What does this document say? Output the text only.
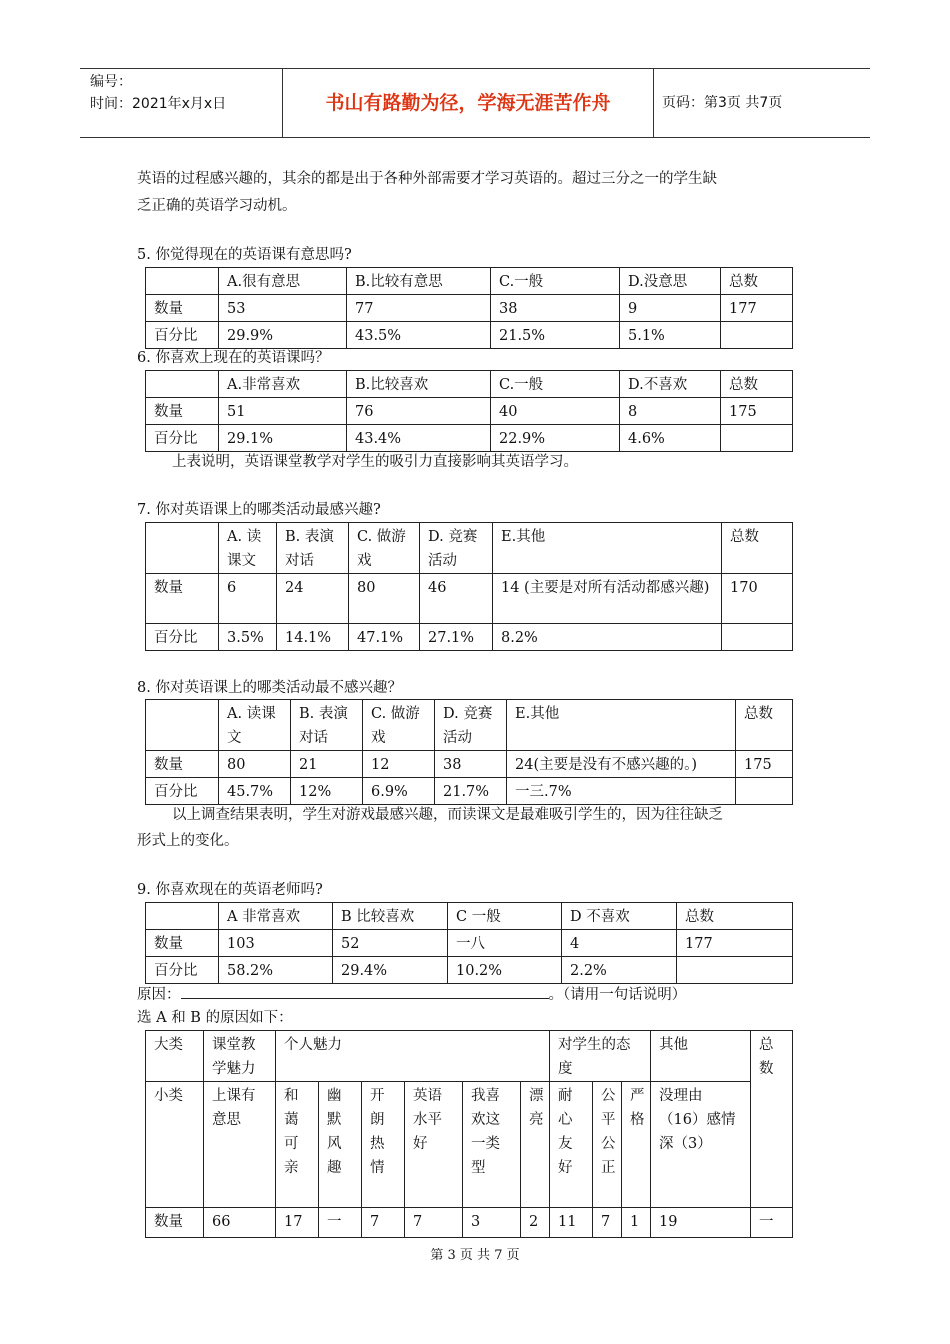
编号：
时间：2021年x月x日	书山有路勤为径，学海无涯苦作舟	页码：第3页 共7页

英语的过程感兴趣的，其余的都是出于各种外部需要才学习英语的。超过三分之一的学生缺

乏正确的英语学习动机。

5. 你觉得现在的英语课有意思吗?

	A.很有意思	B.比较有意思	C.一般	D.没意思	总数
数量	53	77	38	9	177
百分比	29.9%	43.5%	21.5%	5.1%	

6. 你喜欢上现在的英语课吗？

	A.非常喜欢	B.比较喜欢	C.一般	D.不喜欢	总数
数量	51	76	40	8	175
百分比	29.1%	43.4%	22.9%	4.6%	

上表说明，英语课堂教学对学生的吸引力直接影响其英语学习。

7. 你对英语课上的哪类活动最感兴趣?

	A. 读课文	B. 表演对话	C. 做游戏	D. 竞赛活动	E.其他	总数
数量	6	24	80	46	14 (主要是对所有活动都感兴趣)	170
百分比	3.5%	14.1%	47.1%	27.1%	8.2%	

8. 你对英语课上的哪类活动最不感兴趣？

	A. 读课文	B. 表演对话	C. 做游戏	D. 竞赛活动	E.其他	总数
数量	80	21	12	38	24(主要是没有不感兴趣的。)	175
百分比	45.7%	12%	6.9%	21.7%	一三.7%	

以上调查结果表明，学生对游戏最感兴趣，而读课文是最难吸引学生的，因为往往缺乏

形式上的变化。

9. 你喜欢现在的英语老师吗?

	A 非常喜欢	B 比较喜欢	C 一般	D 不喜欢	总数
数量	103	52	一八	4	177
百分比	58.2%	29.4%	10.2%	2.2%	

原因：	。（请用一句话说明）

选 A 和 B 的原因如下：

大类	课堂教学魅力	个人魅力						对学生的态度			其他	总数
小类	上课有意思	和蔼可亲	幽默风趣	开朗热情	英语水平好	我喜欢这一类型	漂亮	耐心友好	公平公正	严格	没理由（16）感情深（3）	
数量	66	17	一	7	7	3	2	11	7	1	19	一
第 3 页 共 7 页
